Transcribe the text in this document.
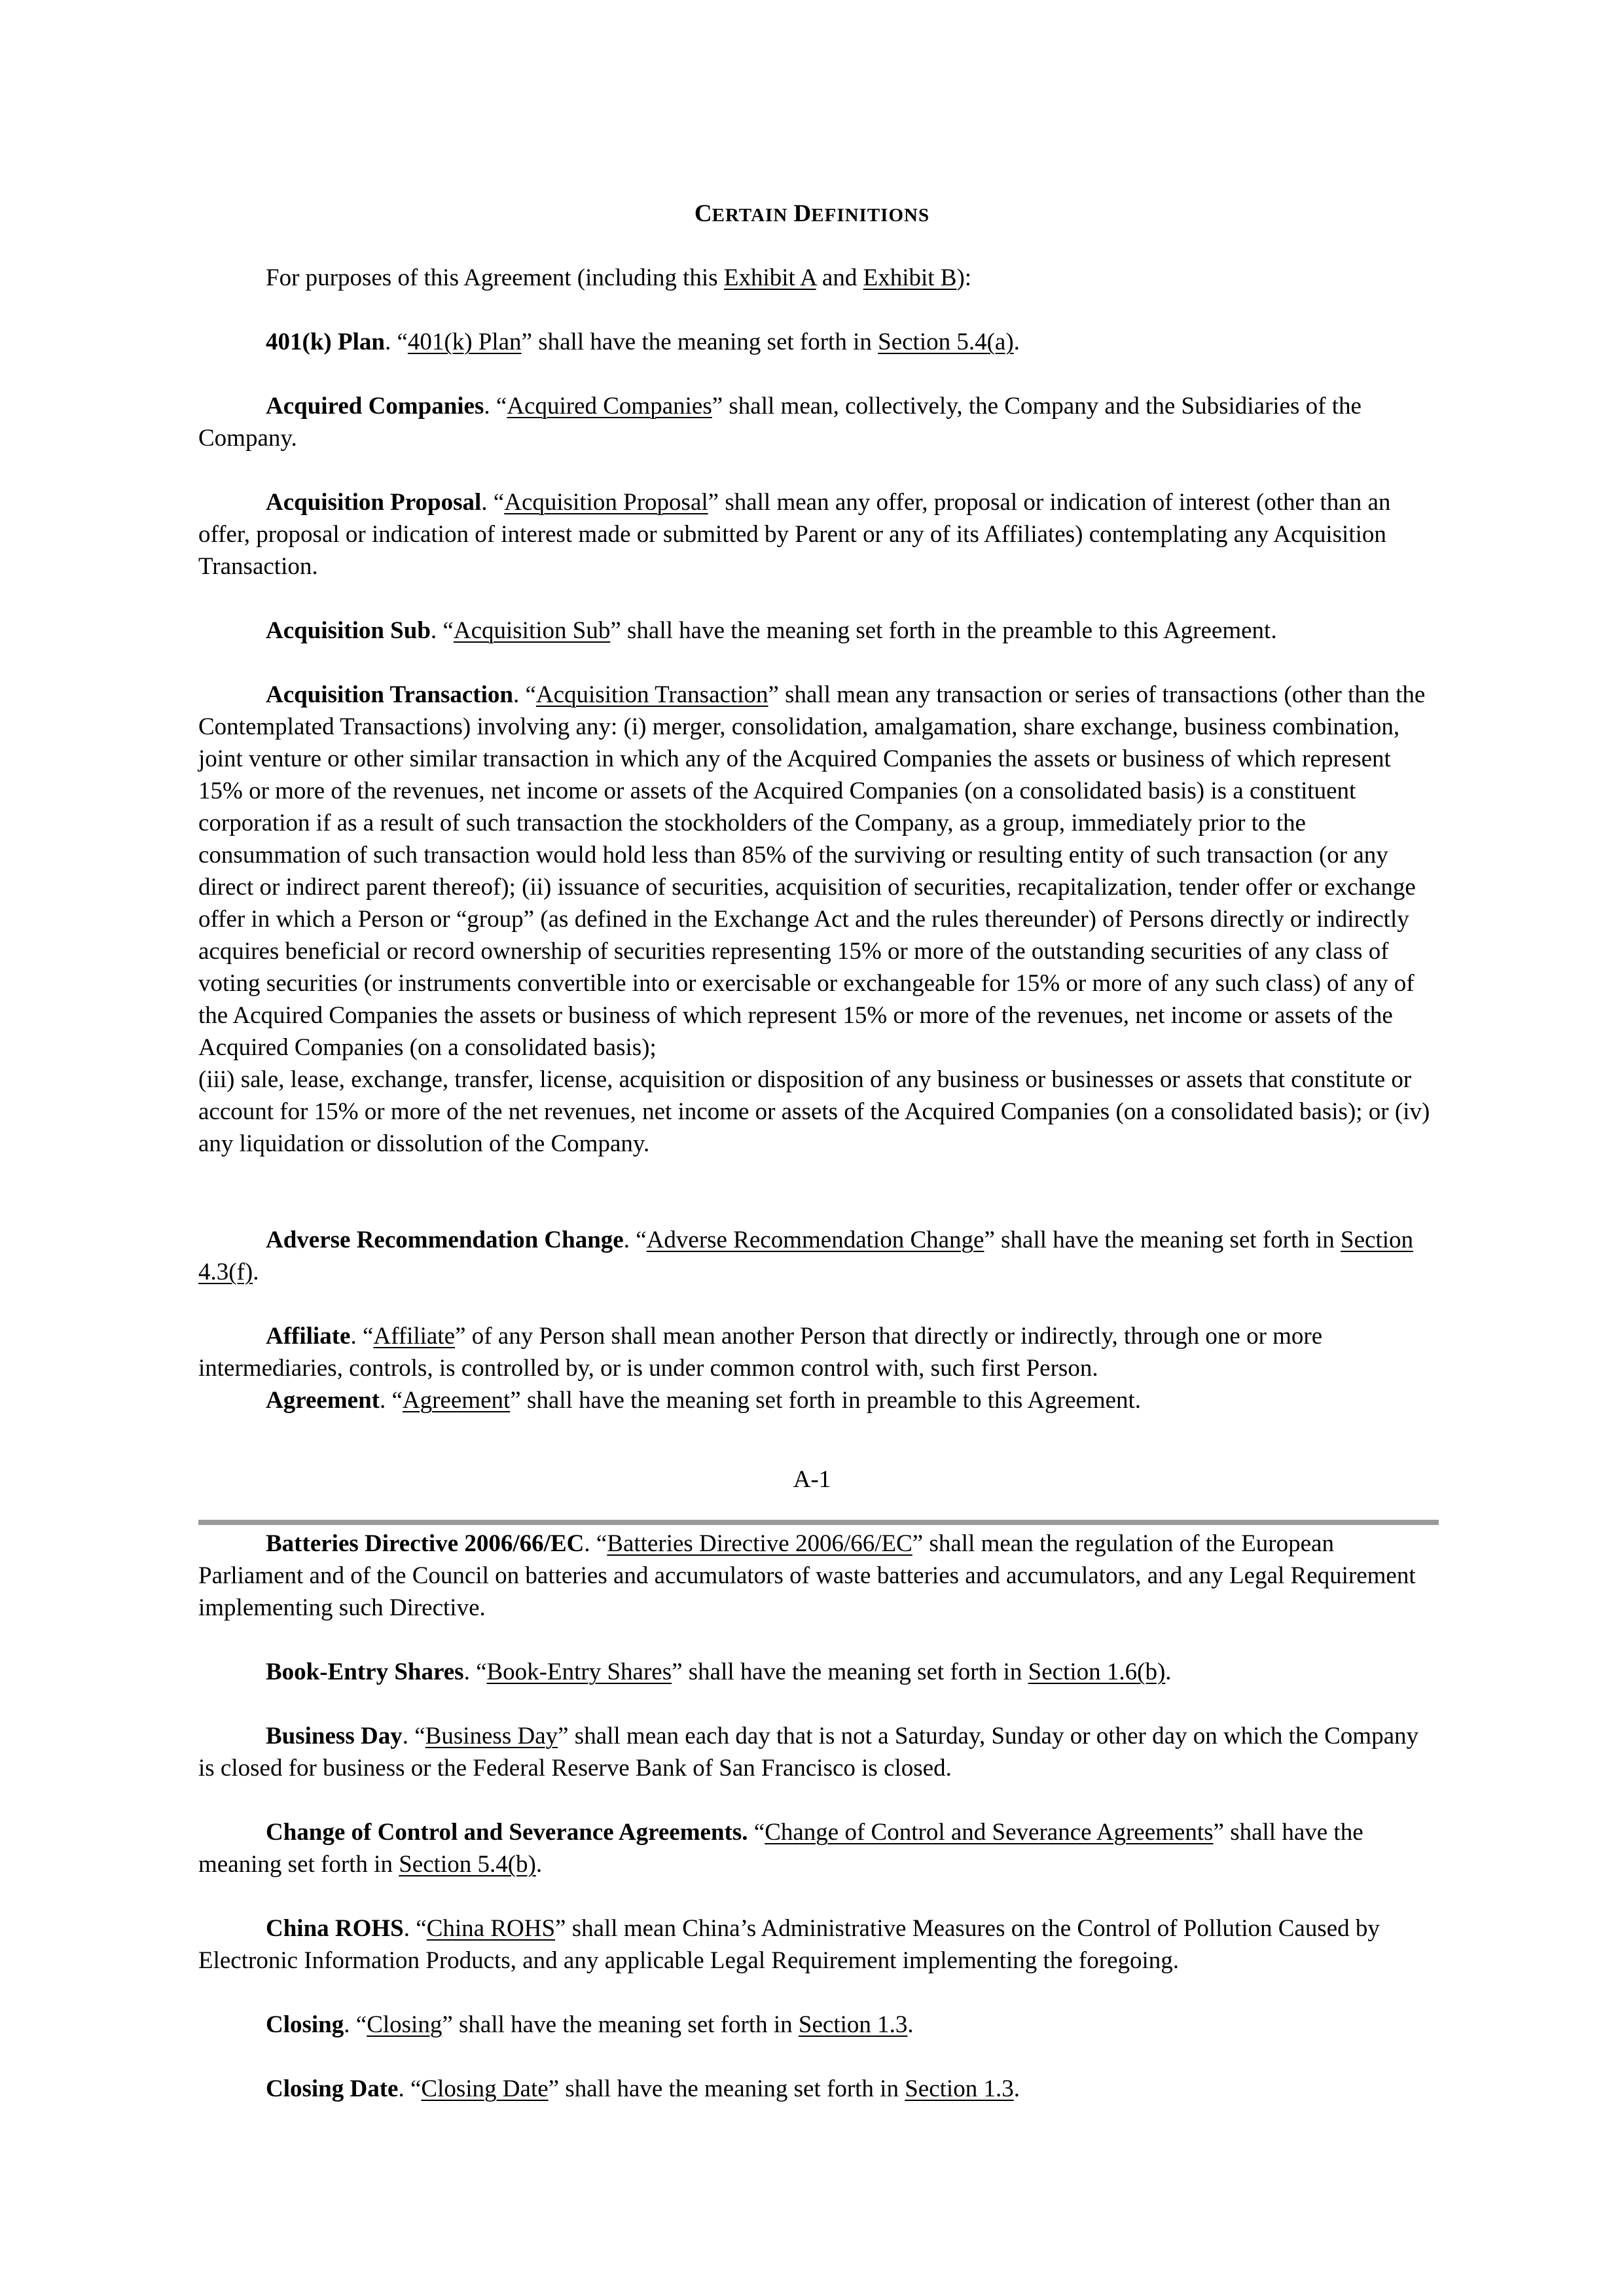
CERTAIN DEFINITIONS

For purposes of this Agreement (including this Exhibit A and Exhibit B):

401(k) Plan. “401(k) Plan” shall have the meaning set forth in Section 5.4(a).

Acquired Companies. “Acquired Companies” shall mean, collectively, the Company and the Subsidiaries of the Company.

Acquisition Proposal. “Acquisition Proposal” shall mean any offer, proposal or indication of interest (other than an offer, proposal or indication of interest made or submitted by Parent or any of its Affiliates) contemplating any Acquisition Transaction.

Acquisition Sub. “Acquisition Sub” shall have the meaning set forth in the preamble to this Agreement.

Acquisition Transaction. “Acquisition Transaction” shall mean any transaction or series of transactions (other than the Contemplated Transactions) involving any: (i) merger, consolidation, amalgamation, share exchange, business combination, joint venture or other similar transaction in which any of the Acquired Companies the assets or business of which represent 15% or more of the revenues, net income or assets of the Acquired Companies (on a consolidated basis) is a constituent corporation if as a result of such transaction the stockholders of the Company, as a group, immediately prior to the consummation of such transaction would hold less than 85% of the surviving or resulting entity of such transaction (or any direct or indirect parent thereof); (ii) issuance of securities, acquisition of securities, recapitalization, tender offer or exchange offer in which a Person or “group” (as defined in the Exchange Act and the rules thereunder) of Persons directly or indirectly acquires beneficial or record ownership of securities representing 15% or more of the outstanding securities of any class of voting securities (or instruments convertible into or exercisable or exchangeable for 15% or more of any such class) of any of the Acquired Companies the assets or business of which represent 15% or more of the revenues, net income or assets of the Acquired Companies (on a consolidated basis);

(iii) sale, lease, exchange, transfer, license, acquisition or disposition of any business or businesses or assets that constitute or account for 15% or more of the net revenues, net income or assets of the Acquired Companies (on a consolidated basis); or (iv) any liquidation or dissolution of the Company.

Adverse Recommendation Change. “Adverse Recommendation Change” shall have the meaning set forth in Section 4.3(f).

Affiliate. “Affiliate” of any Person shall mean another Person that directly or indirectly, through one or more intermediaries, controls, is controlled by, or is under common control with, such first Person.

Agreement. “Agreement” shall have the meaning set forth in preamble to this Agreement.

A-1

Batteries Directive 2006/66/EC. “Batteries Directive 2006/66/EC” shall mean the regulation of the European Parliament and of the Council on batteries and accumulators of waste batteries and accumulators, and any Legal Requirement implementing such Directive.

Book-Entry Shares. “Book-Entry Shares” shall have the meaning set forth in Section 1.6(b).

Business Day. “Business Day” shall mean each day that is not a Saturday, Sunday or other day on which the Company is closed for business or the Federal Reserve Bank of San Francisco is closed.

Change of Control and Severance Agreements. “Change of Control and Severance Agreements” shall have the meaning set forth in Section 5.4(b).

China ROHS. “China ROHS” shall mean China’s Administrative Measures on the Control of Pollution Caused by Electronic Information Products, and any applicable Legal Requirement implementing the foregoing.

Closing. “Closing” shall have the meaning set forth in Section 1.3.

Closing Date. “Closing Date” shall have the meaning set forth in Section 1.3.
